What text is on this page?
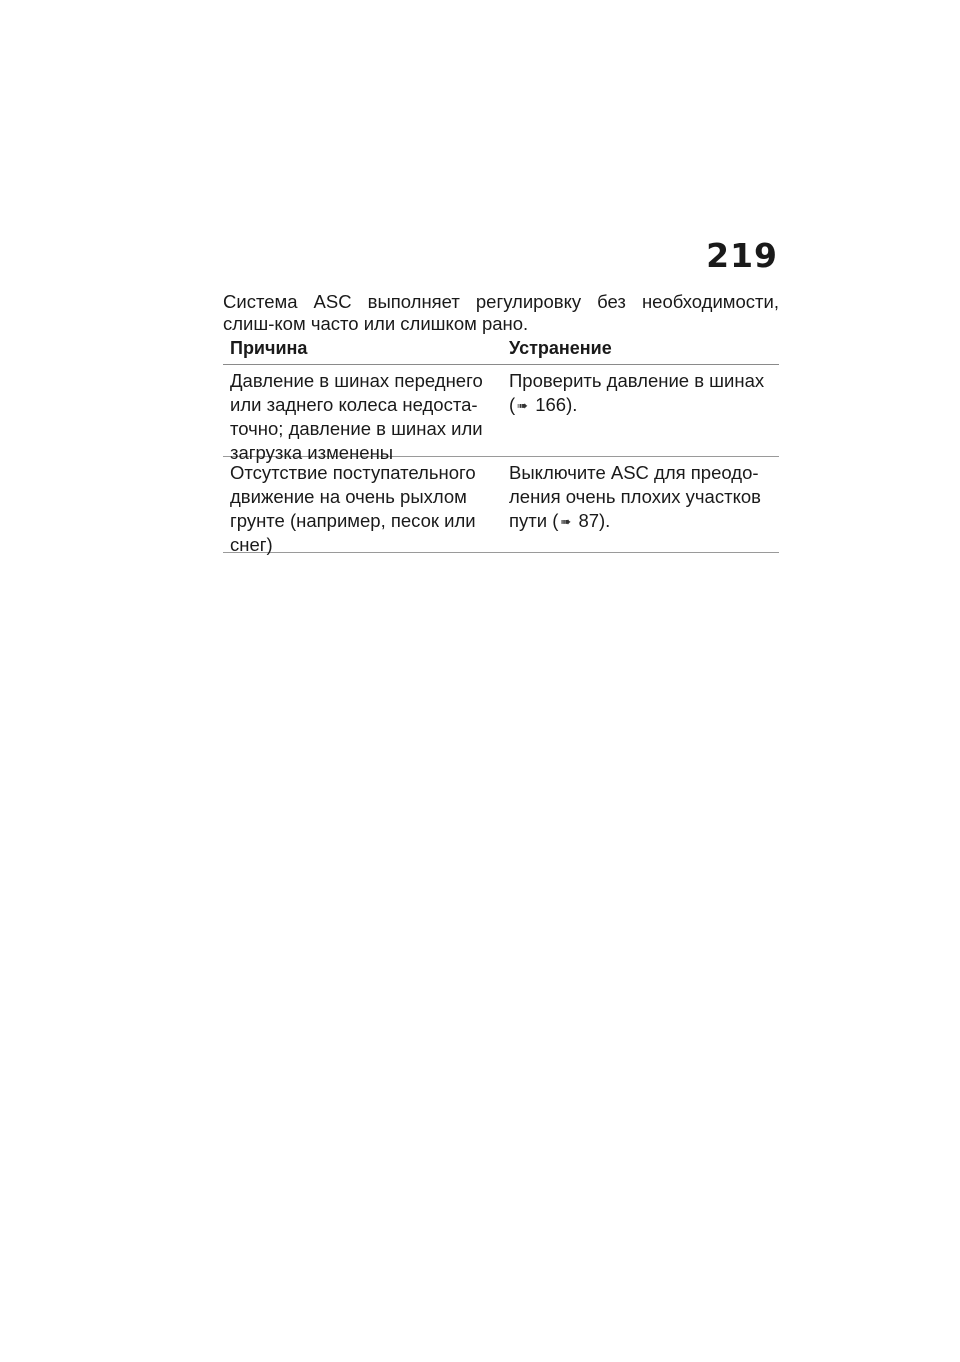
219
Система ASC выполняет регулировку без необходимости, слиш-ком часто или слишком рано.
Причина	Устранение
Давление в шинах переднего или заднего колеса недоста-точно; давление в шинах или загрузка изменены
Проверить давление в шинах ( ➠ 166).
Отсутствие поступательного движение на очень рыхлом грунте (например, песок или снег)
Выключите ASC для преодо-ления очень плохих участков пути ( ➠ 87).
